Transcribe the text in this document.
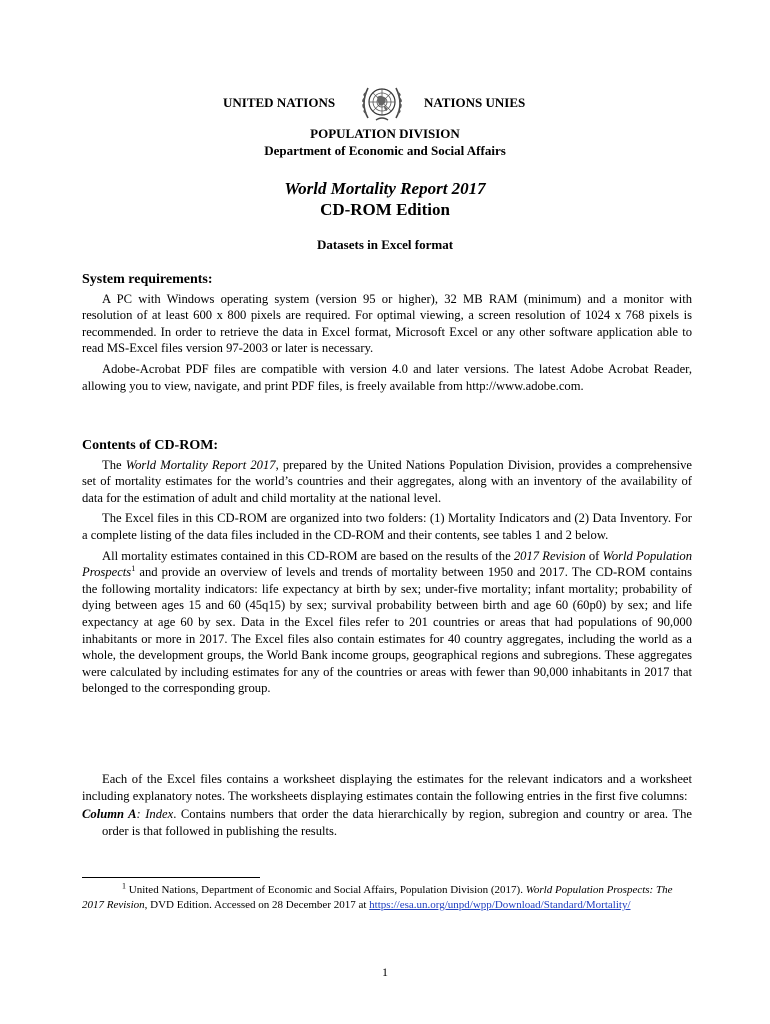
UNITED NATIONS	NATIONS UNIES
POPULATION DIVISION
Department of Economic and Social Affairs
World Mortality Report 2017
CD-ROM Edition
Datasets in Excel format

System requirements:

A PC with Windows operating system (version 95 or higher), 32 MB RAM (minimum) and a monitor with resolution of at least 600 x 800 pixels are required. For optimal viewing, a screen resolution of 1024 x 768 pixels is recommended. In order to retrieve the data in Excel format, Microsoft Excel or any other software application able to read MS-Excel files version 97-2003 or later is necessary.

Adobe-Acrobat PDF files are compatible with version 4.0 and later versions. The latest Adobe Acrobat Reader, allowing you to view, navigate, and print PDF files, is freely available from http://www.adobe.com.

Contents of CD-ROM:

The World Mortality Report 2017, prepared by the United Nations Population Division, provides a comprehensive set of mortality estimates for the world’s countries and their aggregates, along with an inventory of the availability of data for the estimation of adult and child mortality at the national level.

The Excel files in this CD-ROM are organized into two folders: (1) Mortality Indicators and (2) Data Inventory. For a complete listing of the data files included in the CD-ROM and their contents, see tables 1 and 2 below.

All mortality estimates contained in this CD-ROM are based on the results of the 2017 Revision of World Population Prospects$^1$ and provide an overview of levels and trends of mortality between 1950 and 2017. The CD-ROM contains the following mortality indicators: life expectancy at birth by sex; under-five mortality; infant mortality; probability of dying between ages 15 and 60 (45q15) by sex; survival probability between birth and age 60 (60p0) by sex; and life expectancy at age 60 by sex. Data in the Excel files refer to 201 countries or areas that had populations of 90,000 inhabitants or more in 2017. The Excel files also contain estimates for 40 country aggregates, including the world as a whole, the development groups, the World Bank income groups, geographical regions and subregions. These aggregates were calculated by including estimates for any of the countries or areas with fewer than 90,000 inhabitants in 2017 that belonged to the corresponding group.

Each of the Excel files contains a worksheet displaying the estimates for the relevant indicators and a worksheet including explanatory notes. The worksheets displaying estimates contain the following entries in the first five columns:

Column A: Index. Contains numbers that order the data hierarchically by region, subregion and country or area. The order is that followed in publishing the results.

$^1$ United Nations, Department of Economic and Social Affairs, Population Division (2017). World Population Prospects: The 2017 Revision, DVD Edition. Accessed on 28 December 2017 at https://esa.un.org/unpd/wpp/Download/Standard/Mortality/
1
